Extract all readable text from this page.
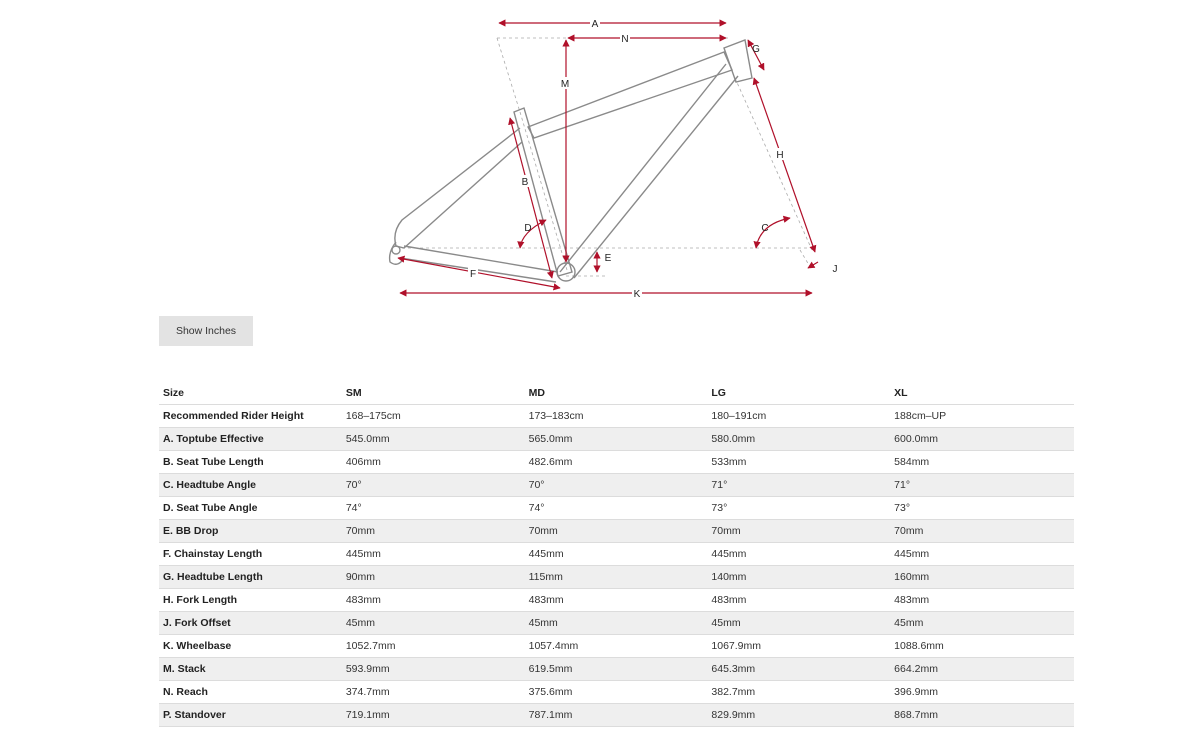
A
N
G
M
H
B
D	C
E
F	J
K
Show Inches
Size	SM	MD	LG	XL
Recommended Rider Height	168–175cm	173–183cm	180–191cm	188cm–UP
A. Toptube Effective	545.0mm	565.0mm	580.0mm	600.0mm
B. Seat Tube Length	406mm	482.6mm	533mm	584mm
C. Headtube Angle	70°	70°	71°	71°
D. Seat Tube Angle	74°	74°	73°	73°
E. BB Drop	70mm	70mm	70mm	70mm
F. Chainstay Length	445mm	445mm	445mm	445mm
G. Headtube Length	90mm	115mm	140mm	160mm
H. Fork Length	483mm	483mm	483mm	483mm
J. Fork Offset	45mm	45mm	45mm	45mm
K. Wheelbase	1052.7mm	1057.4mm	1067.9mm	1088.6mm
M. Stack	593.9mm	619.5mm	645.3mm	664.2mm
N. Reach	374.7mm	375.6mm	382.7mm	396.9mm
P. Standover	719.1mm	787.1mm	829.9mm	868.7mm
